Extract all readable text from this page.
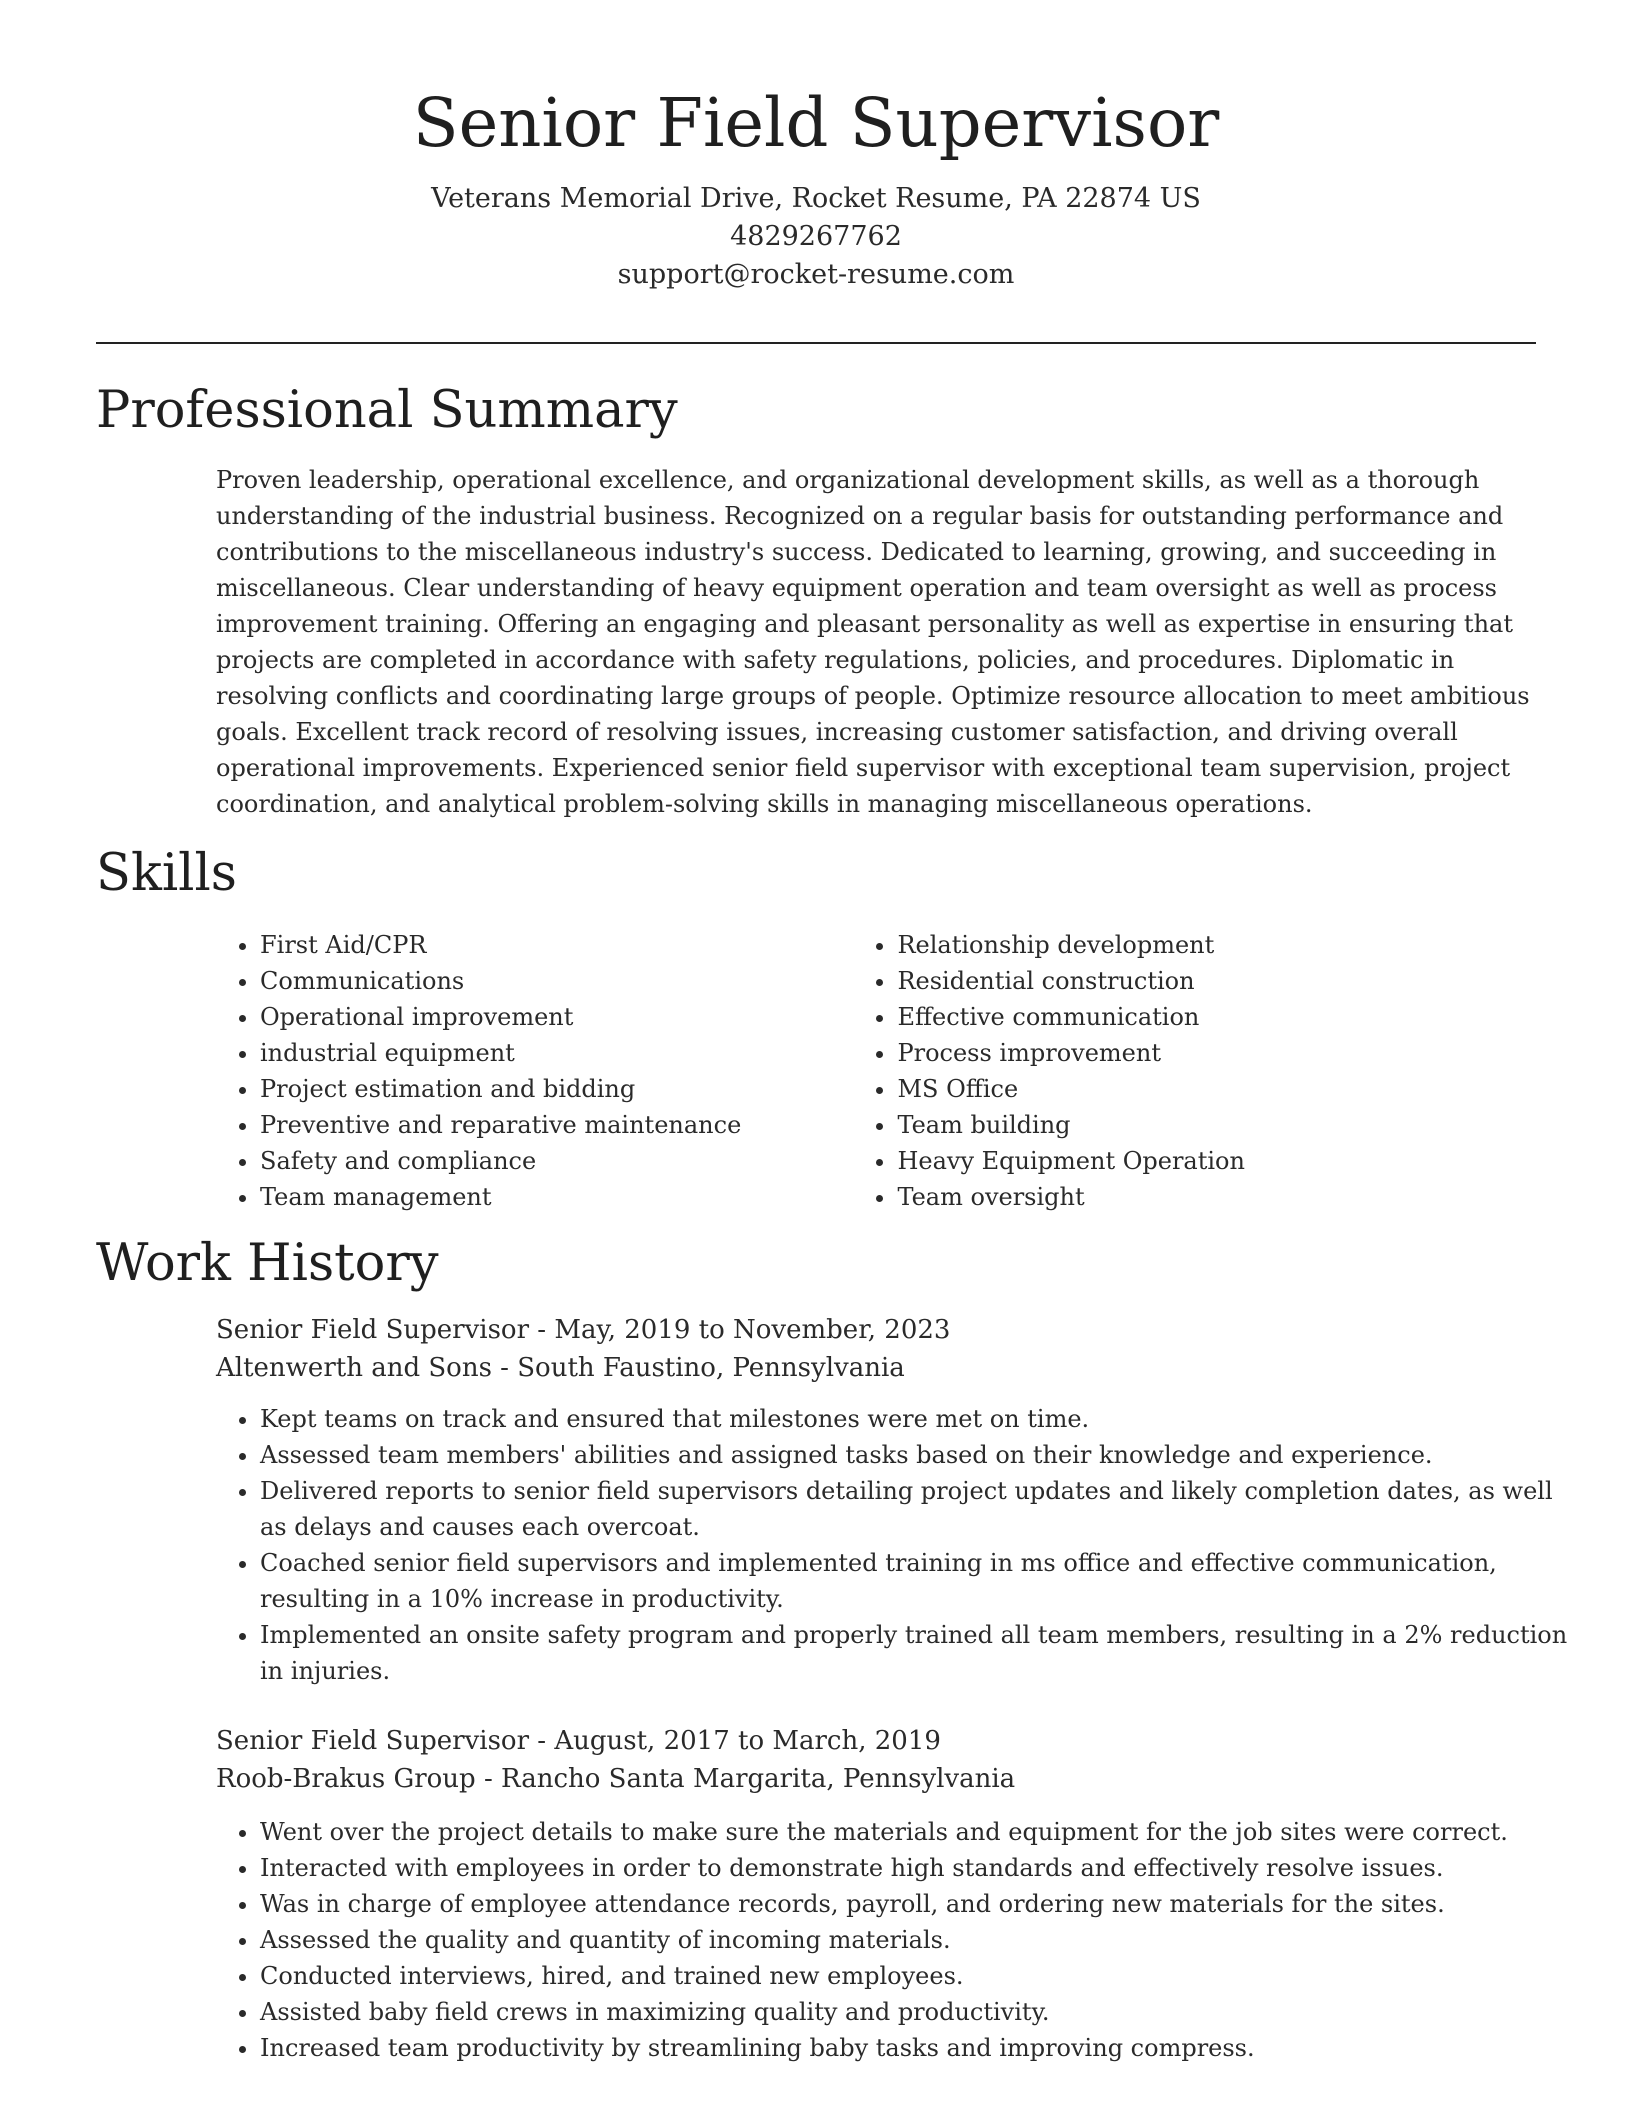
Senior Field Supervisor

Veterans Memorial Drive, Rocket Resume, PA 22874 US

4829267762

support@rocket-resume.com

Professional Summary

Proven leadership, operational excellence, and organizational development skills, as well as a thorough understanding of the industrial business. Recognized on a regular basis for outstanding performance and contributions to the miscellaneous industry's success. Dedicated to learning, growing, and succeeding in miscellaneous. Clear understanding of heavy equipment operation and team oversight as well as process improvement training. Offering an engaging and pleasant personality as well as expertise in ensuring that projects are completed in accordance with safety regulations, policies, and procedures. Diplomatic in resolving conflicts and coordinating large groups of people. Optimize resource allocation to meet ambitious goals. Excellent track record of resolving issues, increasing customer satisfaction, and driving overall operational improvements. Experienced senior field supervisor with exceptional team supervision, project coordination, and analytical problem-solving skills in managing miscellaneous operations.

Skills
• First Aid/CPR
• Communications
• Operational improvement
• industrial equipment
• Project estimation and bidding
• Preventive and reparative maintenance
• Safety and compliance
• Team management
• Relationship development
• Residential construction
• Effective communication
• Process improvement
• MS Office
• Team building
• Heavy Equipment Operation
• Team oversight
Work History
Senior Field Supervisor - May, 2019 to November, 2023
Altenwerth and Sons - South Faustino, Pennsylvania
• Kept teams on track and ensured that milestones were met on time.
• Assessed team members' abilities and assigned tasks based on their knowledge and experience.
• Delivered reports to senior field supervisors detailing project updates and likely completion dates, as well as delays and causes each overcoat.
• Coached senior field supervisors and implemented training in ms office and effective communication, resulting in a 10% increase in productivity.
• Implemented an onsite safety program and properly trained all team members, resulting in a 2% reduction in injuries.
Senior Field Supervisor - August, 2017 to March, 2019
Roob-Brakus Group - Rancho Santa Margarita, Pennsylvania
• Went over the project details to make sure the materials and equipment for the job sites were correct.
• Interacted with employees in order to demonstrate high standards and effectively resolve issues.
• Was in charge of employee attendance records, payroll, and ordering new materials for the sites.
• Assessed the quality and quantity of incoming materials.
• Conducted interviews, hired, and trained new employees.
• Assisted baby field crews in maximizing quality and productivity.
• Increased team productivity by streamlining baby tasks and improving compress.
